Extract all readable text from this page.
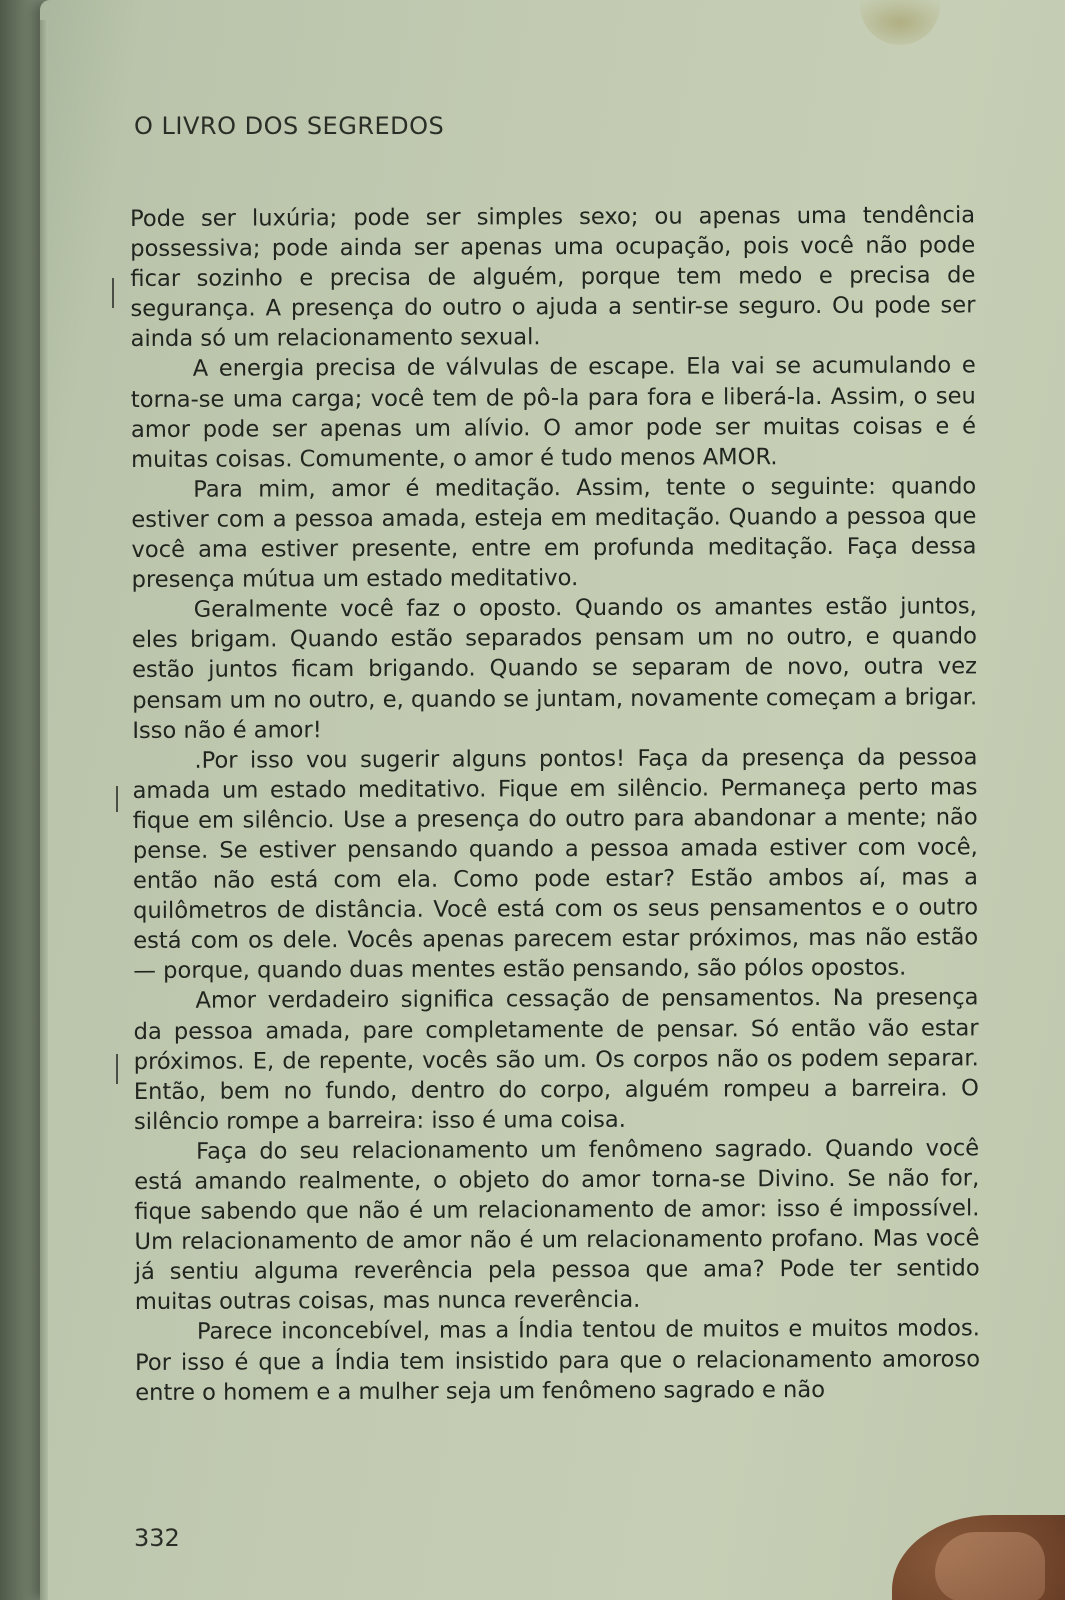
O LIVRO DOS SEGREDOS

Pode ser luxúria; pode ser simples sexo; ou apenas uma tendência possessiva; pode ainda ser apenas uma ocupação, pois você não pode ficar sozinho e precisa de alguém, porque tem medo e precisa de segurança. A presença do outro o ajuda a sentir-se seguro. Ou pode ser ainda só um relacionamento sexual.

A energia precisa de válvulas de escape. Ela vai se acumulando e torna-se uma carga; você tem de pô-la para fora e liberá-la. Assim, o seu amor pode ser apenas um alívio. O amor pode ser muitas coisas e é muitas coisas. Comumente, o amor é tudo menos AMOR.

Para mim, amor é meditação. Assim, tente o seguinte: quando estiver com a pessoa amada, esteja em meditação. Quando a pessoa que você ama estiver presente, entre em profunda meditação. Faça dessa presença mútua um estado meditativo.

Geralmente você faz o oposto. Quando os amantes estão juntos, eles brigam. Quando estão separados pensam um no outro, e quando estão juntos ficam brigando. Quando se separam de novo, outra vez pensam um no outro, e, quando se juntam, novamente começam a brigar. Isso não é amor!

.Por isso vou sugerir alguns pontos! Faça da presença da pessoa amada um estado meditativo. Fique em silêncio. Permaneça perto mas fique em silêncio. Use a presença do outro para abandonar a mente; não pense. Se estiver pensando quando a pessoa amada estiver com você, então não está com ela. Como pode estar? Estão ambos aí, mas a quilômetros de distância. Você está com os seus pensamentos e o outro está com os dele. Vocês apenas parecem estar próximos, mas não estão — porque, quando duas mentes estão pensando, são pólos opostos.

Amor verdadeiro significa cessação de pensamentos. Na presença da pessoa amada, pare completamente de pensar. Só então vão estar próximos. E, de repente, vocês são um. Os corpos não os podem separar. Então, bem no fundo, dentro do corpo, alguém rompeu a barreira. O silêncio rompe a barreira: isso é uma coisa.

Faça do seu relacionamento um fenômeno sagrado. Quando você está amando realmente, o objeto do amor torna-se Divino. Se não for, fique sabendo que não é um relacionamento de amor: isso é impossível. Um relacionamento de amor não é um relacionamento profano. Mas você já sentiu alguma reverência pela pessoa que ama? Pode ter sentido muitas outras coisas, mas nunca reverência.

Parece inconcebível, mas a Índia tentou de muitos e muitos modos. Por isso é que a Índia tem insistido para que o relacionamento amoroso entre o homem e a mulher seja um fenômeno sagrado e não

332
